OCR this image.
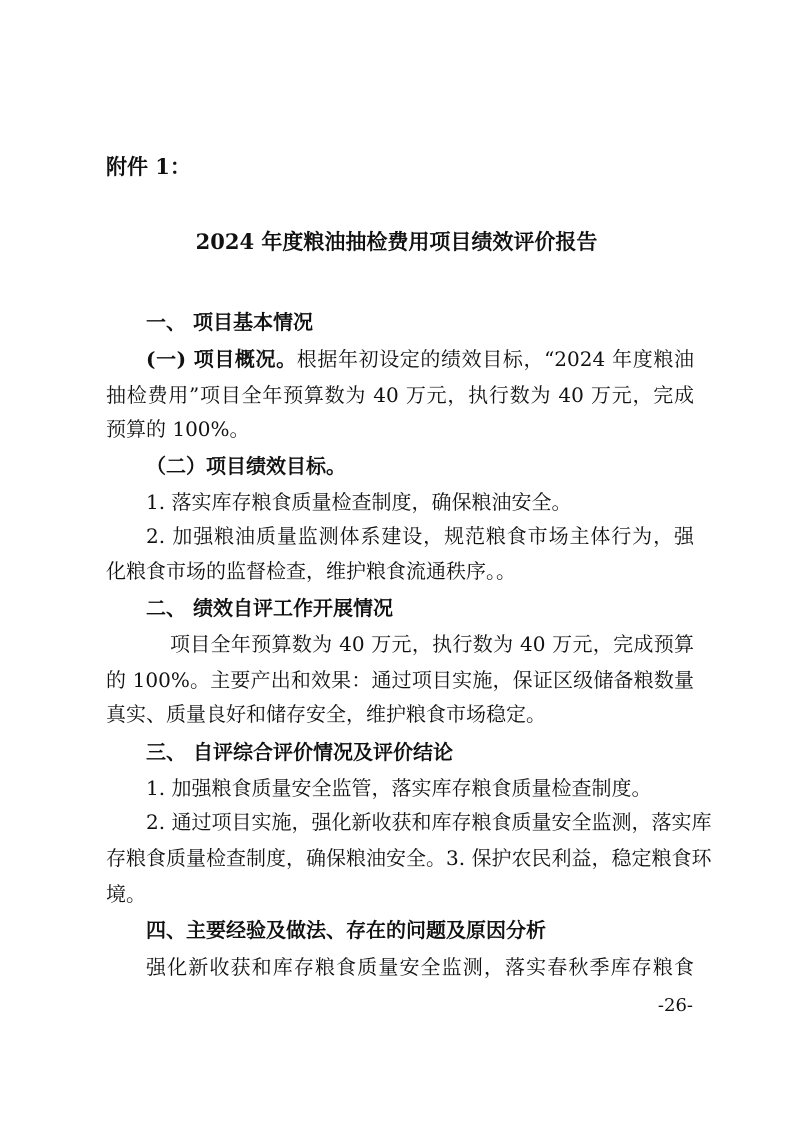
附件 1：
2024 年度粮油抽检费用项目绩效评价报告
一、 项目基本情况
(一) 项目概况。根据年初设定的绩效目标，“2024 年度粮油
抽检费用”项目全年预算数为 40 万元，执行数为 40 万元，完成
预算的 100%。
（二）项目绩效目标。
1. 落实库存粮食质量检查制度，确保粮油安全。
2. 加强粮油质量监测体系建设，规范粮食市场主体行为，强
化粮食市场的监督检查，维护粮食流通秩序。。
二、 绩效自评工作开展情况
项目全年预算数为 40 万元，执行数为 40 万元，完成预算
的 100%。主要产出和效果：通过项目实施，保证区级储备粮数量
真实、质量良好和储存安全，维护粮食市场稳定。
三、 自评综合评价情况及评价结论
1. 加强粮食质量安全监管，落实库存粮食质量检查制度。
2. 通过项目实施，强化新收获和库存粮食质量安全监测，落实库
存粮食质量检查制度，确保粮油安全。3. 保护农民利益，稳定粮食环
境。
四、主要经验及做法、存在的问题及原因分析
强化新收获和库存粮食质量安全监测，落实春秋季库存粮食
-26-
